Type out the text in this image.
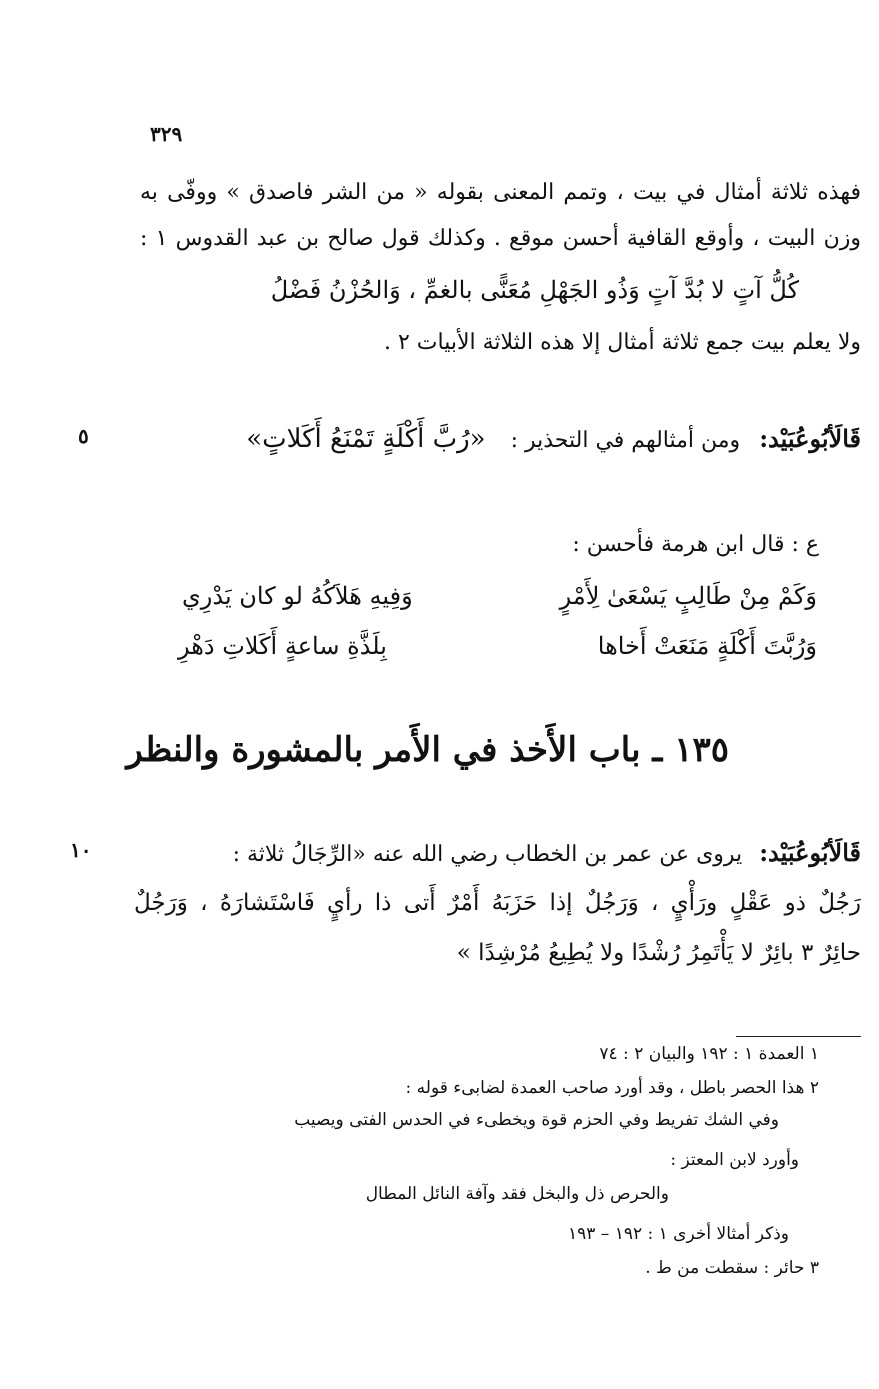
٣٢٩
فهذه ثلاثة أمثال في بيت ، وتمم المعنى بقوله « من الشر فاصدق » ووفّى به
وزن البيت ، وأوقع القافية أحسن موقع . وكذلك قول صالح بن عبد القدوس ١ :
كُلُّ آتٍ لا بُدَّ آتٍ وَذُو الجَهْلِ مُعَنًّى بالغمِّ ، وَالحُزْنُ فَضْلُ
ولا يعلم بيت جمع ثلاثة أمثال إلا هذه الثلاثة الأبيات ٢ .
٥	قَالَأبُوعُبَيْد: ومن أمثالهم في التحذير : «رُبَّ أَكْلَةٍ تَمْنَعُ أَكَلاتٍ»
ع : قال ابن هرمة فأحسن :
وَكَمْ مِنْ طَالِبٍ يَسْعَىٰ لِأَمْرٍ
وَفِيهِ هَلاَكُهُ لو كان يَدْرِي
وَرُبَّتَ أَكْلَةٍ مَنَعَتْ أَخاها
بِلَذَّةِ ساعةٍ أَكَلاتِ دَهْرِ
١٣٥ ـ باب الأَخذ في الأَمر بالمشورة والنظر
١٠	قَالَأبُوعُبَيْد: يروى عن عمر بن الخطاب رضي الله عنه «الرِّجَالُ ثلاثة :
رَجُلٌ ذو عَقْلٍ ورَأْيٍ ، وَرَجُلٌ إذا حَزَبَهُ أَمْرٌ أَتى ذا رأيٍ فَاسْتَشارَهُ ، وَرَجُلٌ
حائِرٌ ٣ بائِرٌ لا يَأْتَمِرُ رُشْدًا ولا يُطِيعُ مُرْشِدًا »
١ العمدة ١ : ١٩٢ والبيان ٢ : ٧٤
٢ هذا الحصر باطل ، وقد أورد صاحب العمدة لضابىء قوله :
وفي الشك تفريط وفي الحزم قوة ويخطىء في الحدس الفتى ويصيب
وأورد لابن المعتز :
والحرص ذل والبخل فقد وآفة النائل المطال
وذكر أمثالا أخرى ١ : ١٩٢ – ١٩٣
٣ حائر : سقطت من ط .
